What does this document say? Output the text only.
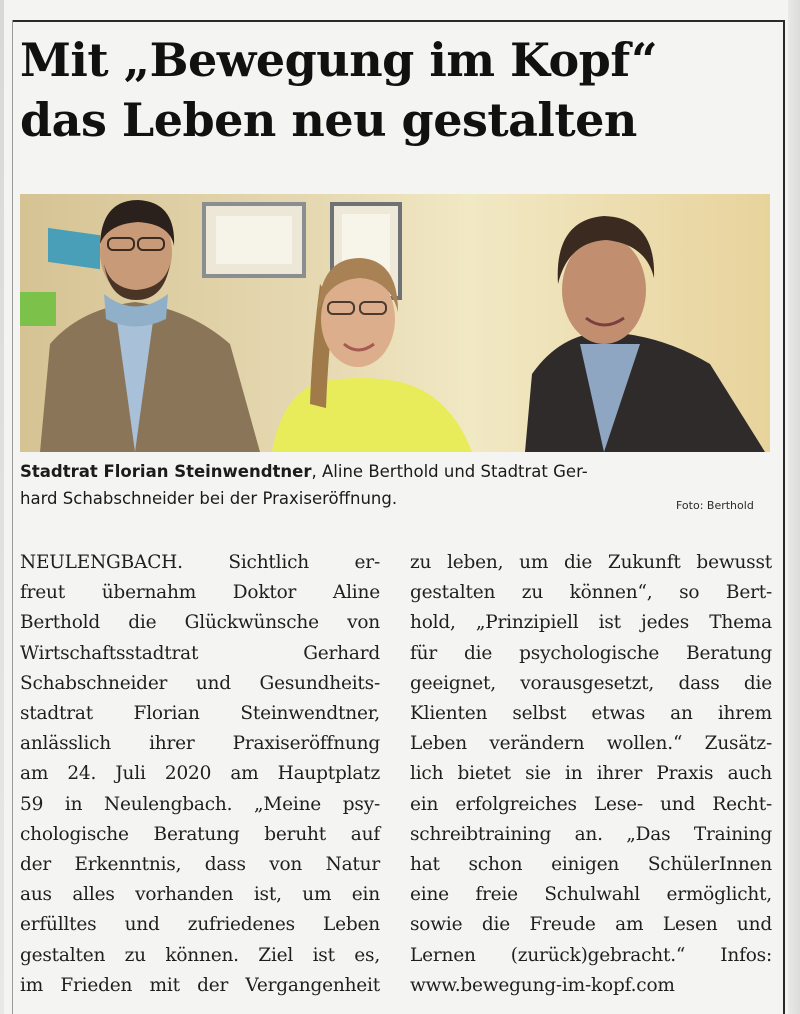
Mit „Bewegung im Kopf“
das Leben neu gestalten
Stadtrat Florian Steinwendtner, Aline Berthold und Stadtrat Ger-
hard Schabschneider bei der Praxiseröffnung.	Foto: Berthold
NEULENGBACH. Sichtlich er-
freut übernahm Doktor Aline
Berthold die Glückwünsche von
Wirtschaftsstadtrat Gerhard
Schabschneider und Gesundheits-
stadtrat Florian Steinwendtner,
anlässlich ihrer Praxiseröffnung
am 24. Juli 2020 am Hauptplatz
59 in Neulengbach. „Meine psy-
chologische Beratung beruht auf
der Erkenntnis, dass von Natur
aus alles vorhanden ist, um ein
erfülltes und zufriedenes Leben
gestalten zu können. Ziel ist es,
im Frieden mit der Vergangenheit
zu leben, um die Zukunft bewusst
gestalten zu können“, so Bert-
hold, „Prinzipiell ist jedes Thema
für die psychologische Beratung
geeignet, vorausgesetzt, dass die
Klienten selbst etwas an ihrem
Leben verändern wollen.“ Zusätz-
lich bietet sie in ihrer Praxis auch
ein erfolgreiches Lese- und Recht-
schreibtraining an. „Das Training
hat schon einigen SchülerInnen
eine freie Schulwahl ermöglicht,
sowie die Freude am Lesen und
Lernen (zurück)gebracht.“ Infos:
www.bewegung-im-kopf.com
